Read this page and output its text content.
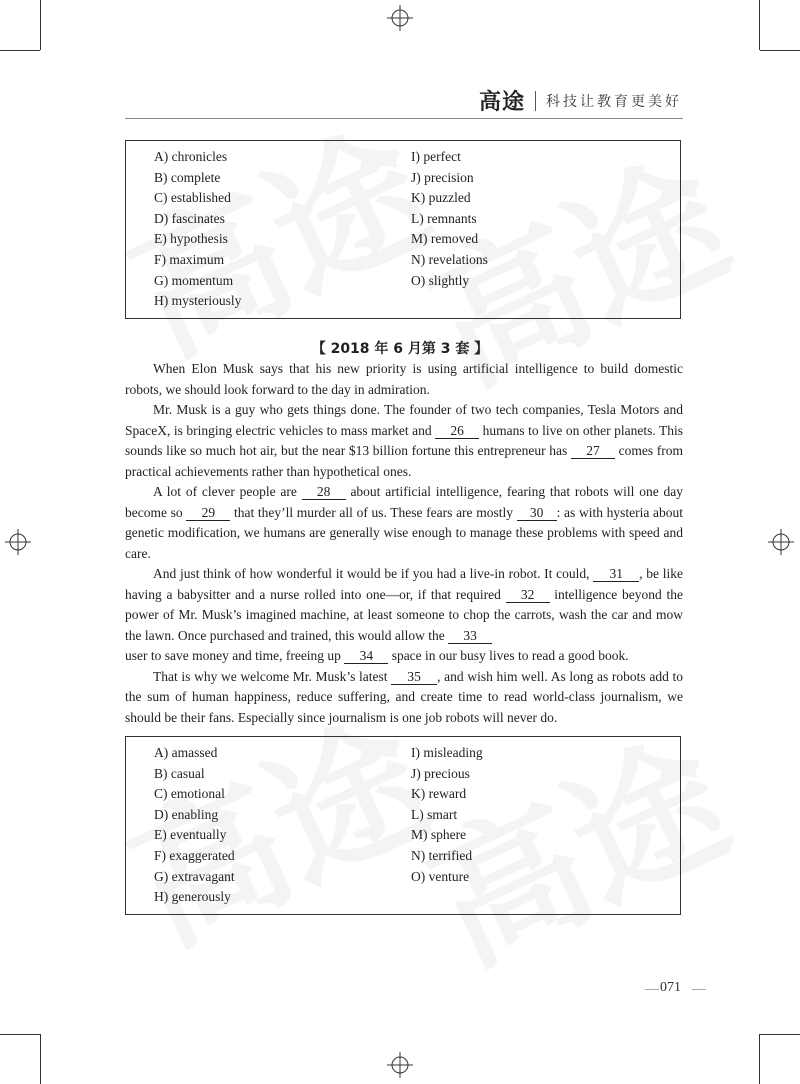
高途 科技让教育更美好
A) chronicles
B) complete
C) established
D) fascinates
E) hypothesis
F) maximum
G) momentum
H) mysteriously
I) perfect
J) precision
K) puzzled
L) remnants
M) removed
N) revelations
O) slightly
【 2018 年 6 月第 3 套 】

When Elon Musk says that his new priority is using artificial intelligence to build domestic robots, we should look forward to the day in admiration.

Mr. Musk is a guy who gets things done. The founder of two tech companies, Tesla Motors and SpaceX, is bringing electric vehicles to mass market and 26 humans to live on other planets. This sounds like so much hot air, but the near $13 billion fortune this entrepreneur has 27 comes from practical achievements rather than hypothetical ones.

A lot of clever people are 28 about artificial intelligence, fearing that robots will one day become so 29 that they’ll murder all of us. These fears are mostly 30 : as with hysteria about genetic modification, we humans are generally wise enough to manage these problems with speed and care.

And just think of how wonderful it would be if you had a live-in robot. It could, 31 , be like having a babysitter and a nurse rolled into one—or, if that required 32 intelligence beyond the power of Mr. Musk’s imagined machine, at least someone to chop the carrots, wash the car and mow the lawn. Once purchased and trained, this would allow the 33

user to save money and time, freeing up 34 space in our busy lives to read a good book.

That is why we welcome Mr. Musk’s latest 35 , and wish him well. As long as robots add to the sum of human happiness, reduce suffering, and create time to read world-class journalism, we should be their fans. Especially since journalism is one job robots will never do.

A) amassed
B) casual
C) emotional
D) enabling
E) eventually
F) exaggerated
G) extravagant
H) generously
I) misleading
J) precious
K) reward
L) smart
M) sphere
N) terrified
O) venture
071
